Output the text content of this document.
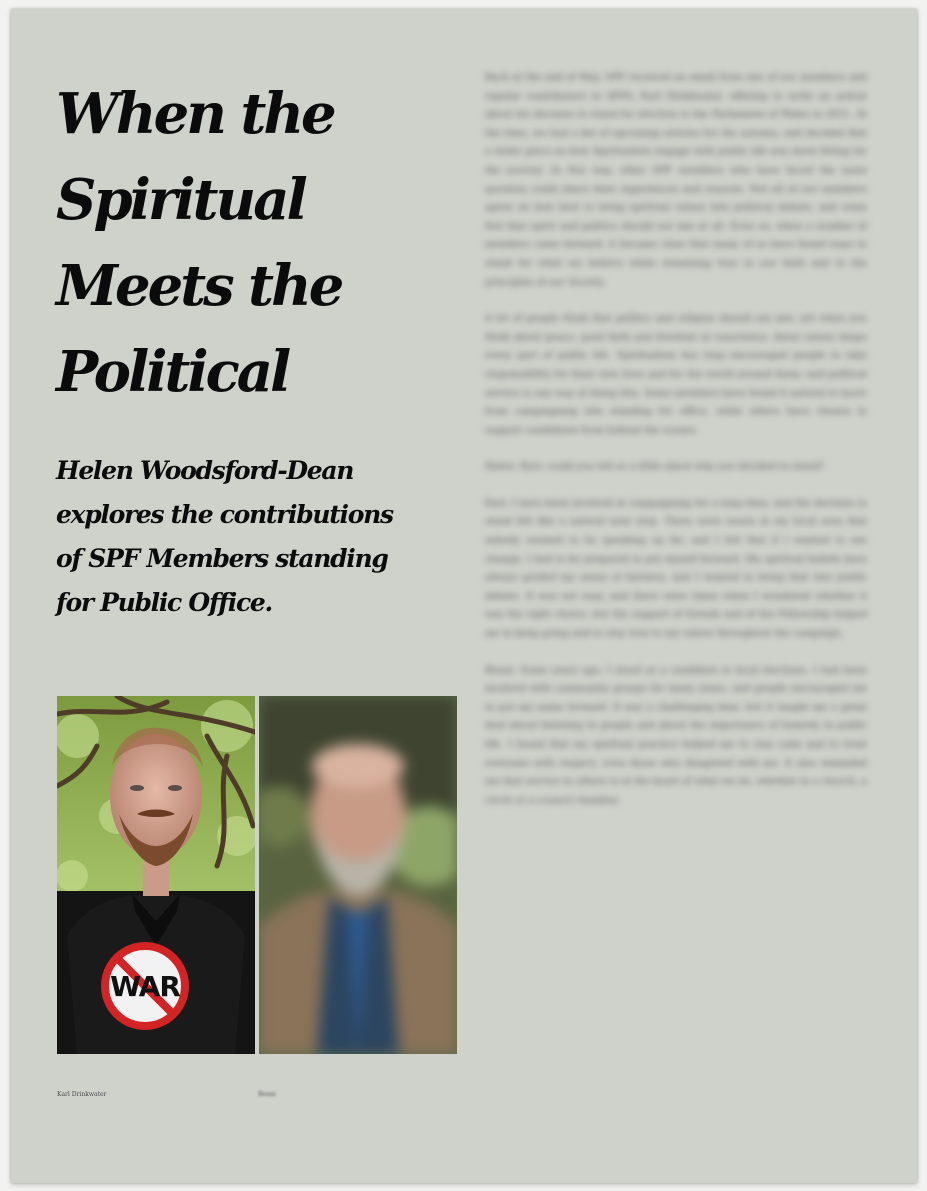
When the
Spiritual
Meets the
Political
Helen Woodsford-Dean
explores the contributions
of SPF Members standing
for Public Office.
WAR
Karl Drinkwater	Benni

Back at the end of May, SPF received an email from one of our members and regular contributors to SPFA, Karl Drinkwater, offering to write an article about his decision to stand for election to the Parliament of Wales in 2021. At the time, we had a list of upcoming articles for the autumn, and decided that a wider piece on how Spiritualists engage with public life was more fitting for the journal. In this way, other SPF members who have faced the same question could share their experiences and reasons. Not all of our members agree on how best to bring spiritual values into political debate, and some feel that spirit and politics should not mix at all. Even so, when a number of members came forward, it became clear that many of us have found ways to stand for what we believe while remaining true to our faith and to the principles of our Society.

A lot of people think that politics and religion should not mix, yet when you think about peace, good faith and freedom of conscience, these values shape every part of public life. Spiritualism has long encouraged people to take responsibility for their own lives and for the world around them, and political service is one way of doing this. Some members have found it natural to move from campaigning into standing for office, while others have chosen to support candidates from behind the scenes.

Helen: Karl, could you tell us a little about why you decided to stand?

Karl: I have been involved in campaigning for a long time, and the decision to stand felt like a natural next step. There were issues in my local area that nobody seemed to be speaking up for, and I felt that if I wanted to see change, I had to be prepared to put myself forward. My spiritual beliefs have always guided my sense of fairness, and I wanted to bring that into public debate. It was not easy, and there were times when I wondered whether it was the right choice, but the support of friends and of the Fellowship helped me to keep going and to stay true to my values throughout the campaign.

Benni: Some years ago, I stood as a candidate in local elections. I had been involved with community groups for many years, and people encouraged me to put my name forward. It was a challenging time, but it taught me a great deal about listening to people and about the importance of honesty in public life. I found that my spiritual practice helped me to stay calm and to treat everyone with respect, even those who disagreed with me. It also reminded me that service to others is at the heart of what we do, whether in a church, a circle or a council chamber.
